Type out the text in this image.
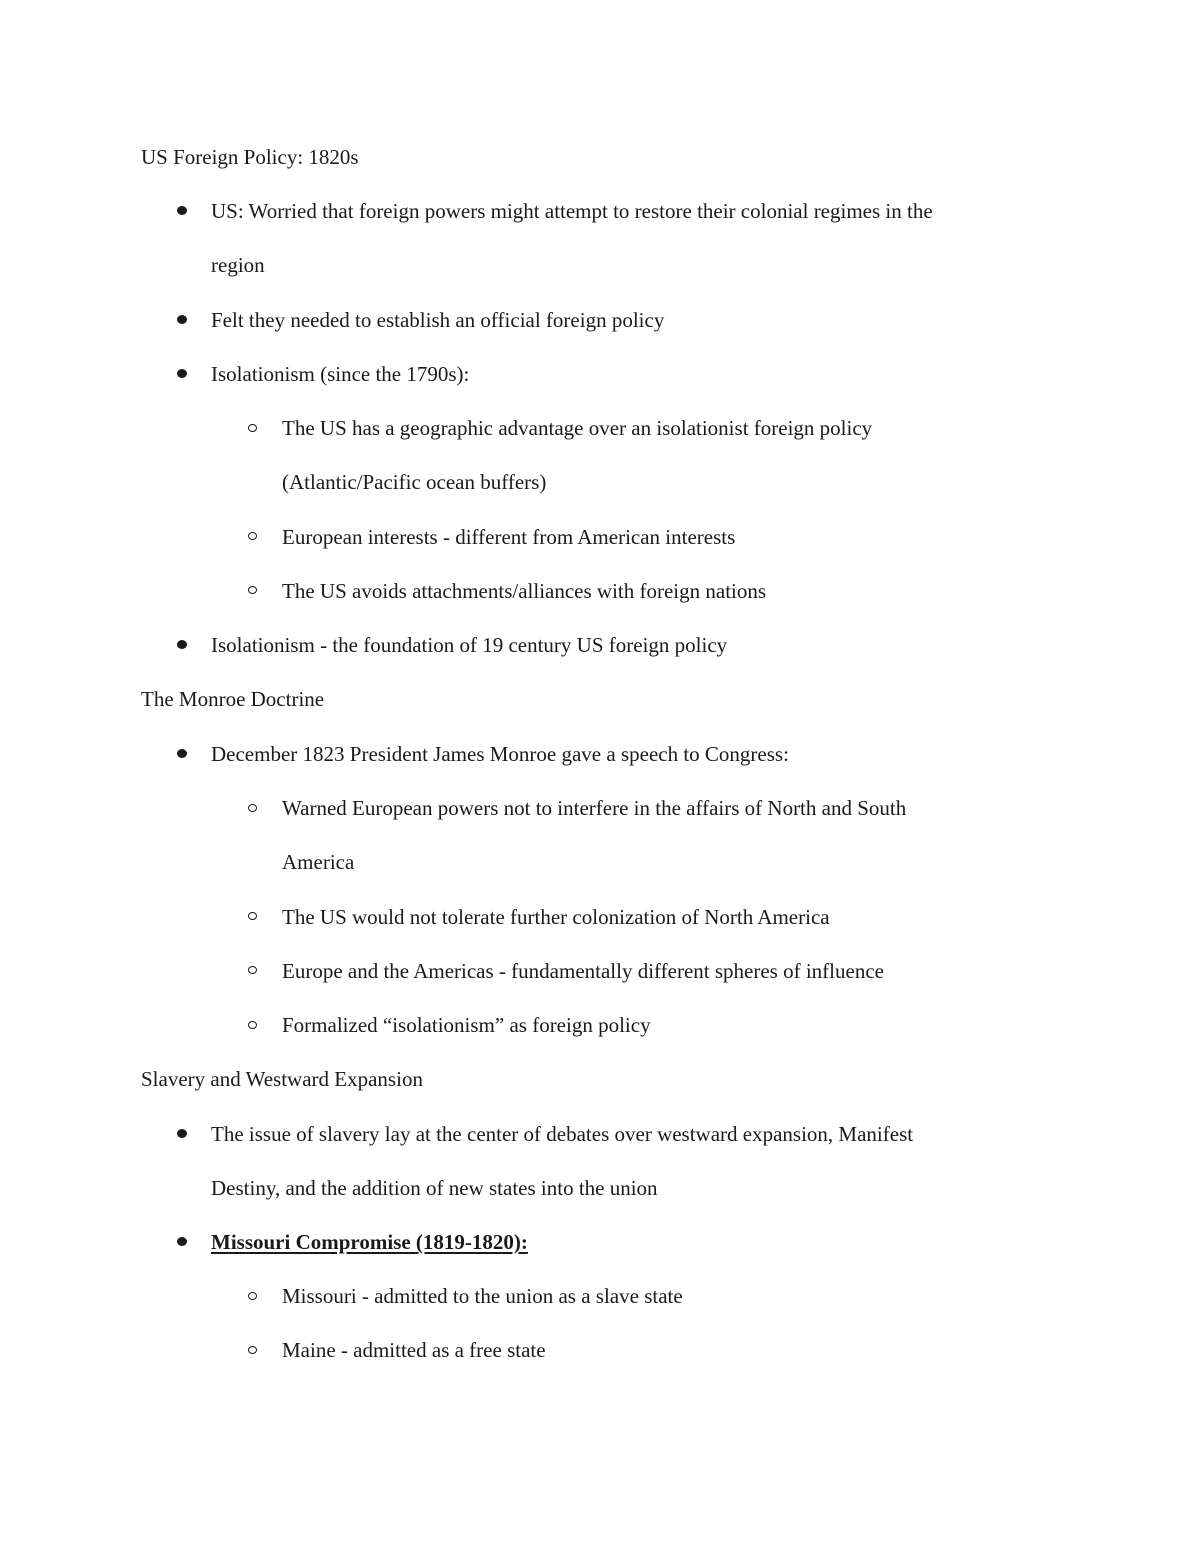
US Foreign Policy: 1820s
US: Worried that foreign powers might attempt to restore their colonial regimes in the
region
Felt they needed to establish an official foreign policy
Isolationism (since the 1790s):
The US has a geographic advantage over an isolationist foreign policy
(Atlantic/Pacific ocean buffers)
European interests - different from American interests
The US avoids attachments/alliances with foreign nations
Isolationism - the foundation of 19 century US foreign policy
The Monroe Doctrine
December 1823 President James Monroe gave a speech to Congress:
Warned European powers not to interfere in the affairs of North and South
America
The US would not tolerate further colonization of North America
Europe and the Americas - fundamentally different spheres of influence
Formalized “isolationism” as foreign policy
Slavery and Westward Expansion
The issue of slavery lay at the center of debates over westward expansion, Manifest
Destiny, and the addition of new states into the union
Missouri Compromise (1819-1820):
Missouri - admitted to the union as a slave state
Maine - admitted as a free state
